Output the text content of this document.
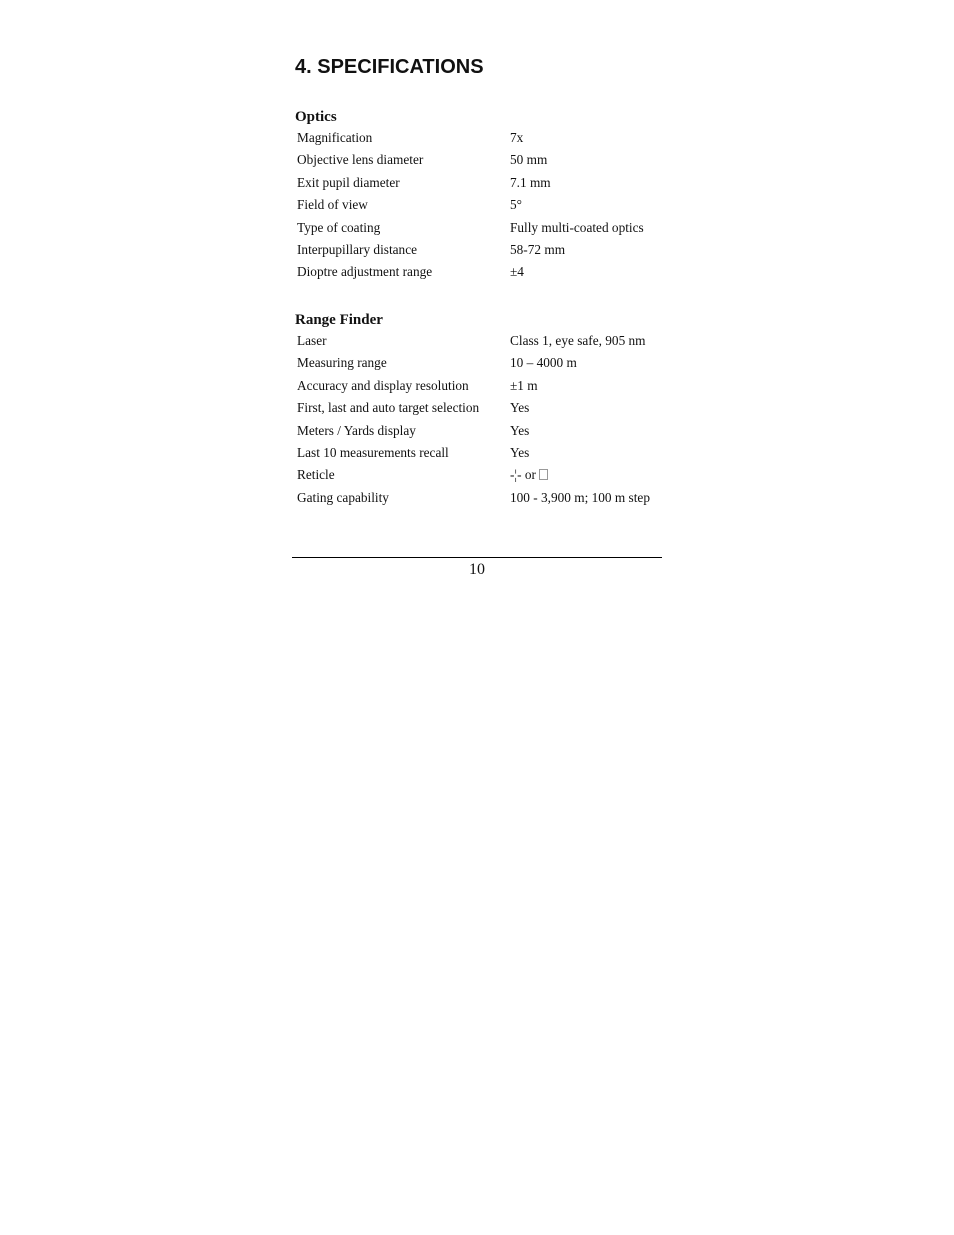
4. SPECIFICATIONS
Optics
Magnification	7x
Objective lens diameter	50 mm
Exit pupil diameter	7.1 mm
Field of view	5°
Type of coating	Fully multi-coated optics
Interpupillary distance	58-72 mm
Dioptre adjustment range	±4
Range Finder
Laser	Class 1, eye safe, 905 nm
Measuring range	10 – 4000 m
Accuracy and display resolution	±1 m
First, last and auto target selection	Yes
Meters / Yards display	Yes
Last 10 measurements recall	Yes
Reticle	-¦- or
Gating capability	100 - 3,900 m; 100 m step
10
